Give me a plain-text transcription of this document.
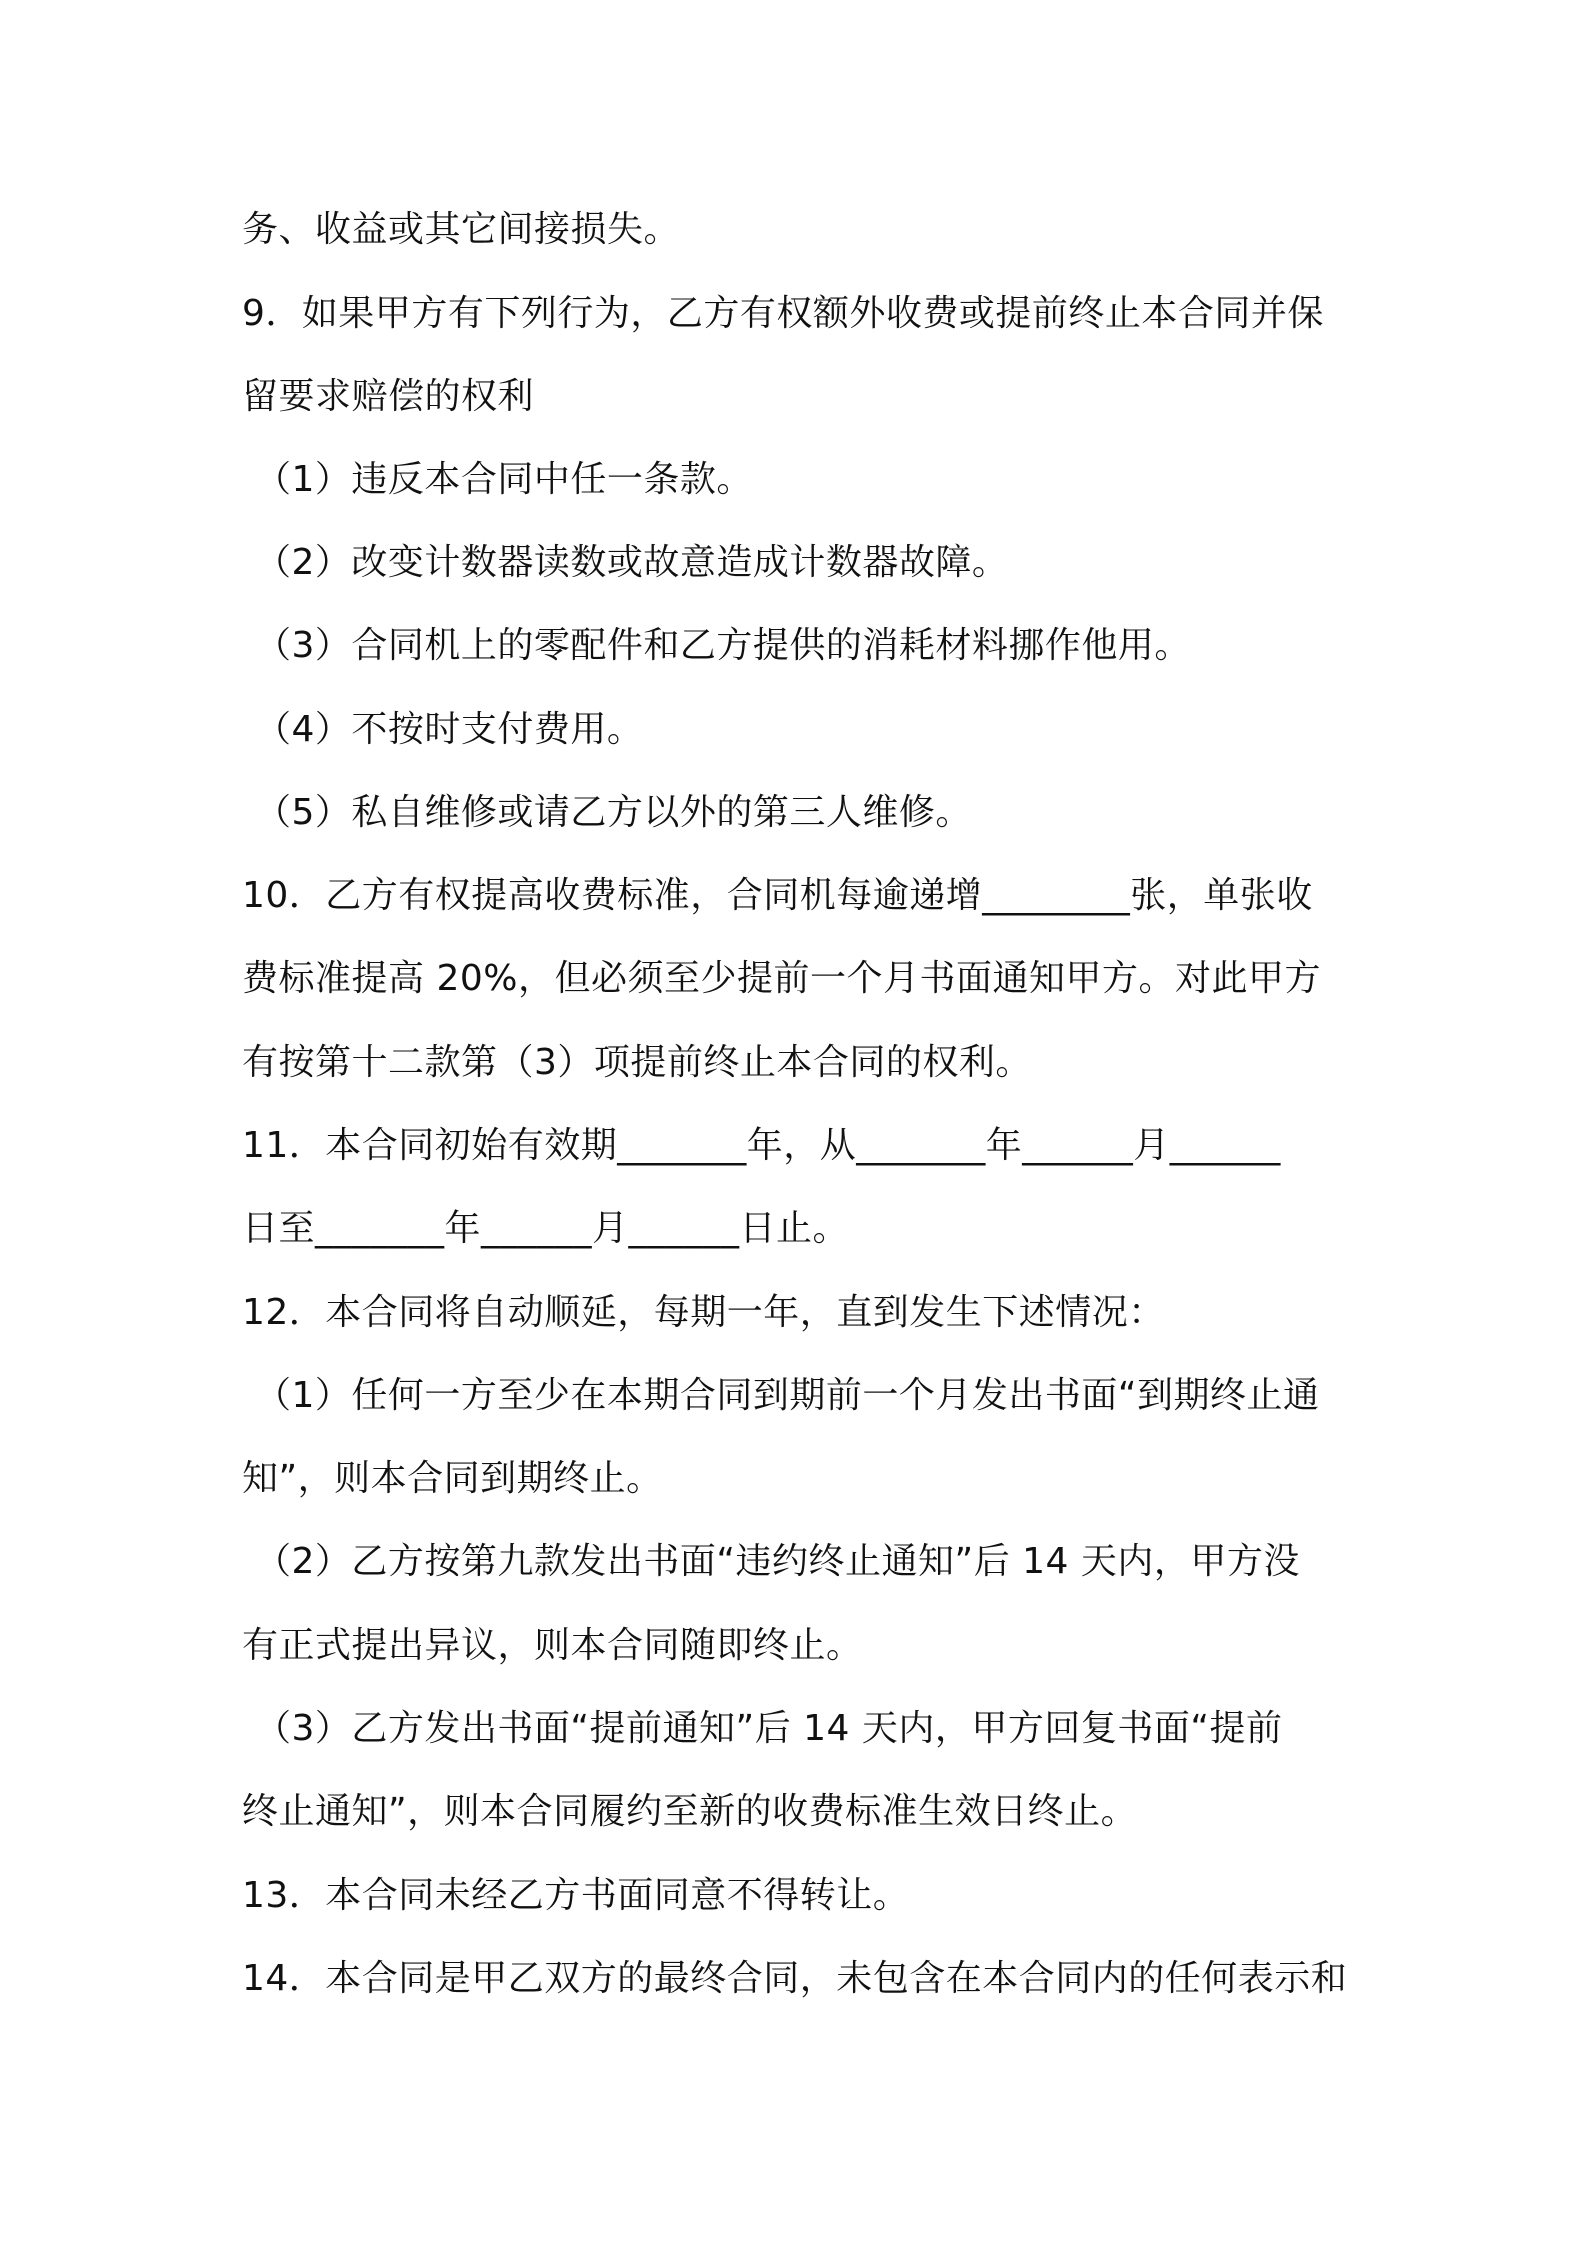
务、收益或其它间接损失。
9．如果甲方有下列行为，乙方有权额外收费或提前终止本合同并保
留要求赔偿的权利
（1）违反本合同中任一条款。
（2）改变计数器读数或故意造成计数器故障。
（3）合同机上的零配件和乙方提供的消耗材料挪作他用。
（4）不按时支付费用。
（5）私自维修或请乙方以外的第三人维修。
10．乙方有权提高收费标准，合同机每逾递增________张，单张收
费标准提高 20%，但必须至少提前一个月书面通知甲方。对此甲方
有按第十二款第（3）项提前终止本合同的权利。
11．本合同初始有效期_______年，从_______年______月______
日至_______年______月______日止。
12．本合同将自动顺延，每期一年，直到发生下述情况：
（1）任何一方至少在本期合同到期前一个月发出书面“到期终止通
知”，则本合同到期终止。
（2）乙方按第九款发出书面“违约终止通知”后 14 天内，甲方没
有正式提出异议，则本合同随即终止。
（3）乙方发出书面“提前通知”后 14 天内，甲方回复书面“提前
终止通知”，则本合同履约至新的收费标准生效日终止。
13．本合同未经乙方书面同意不得转让。
14．本合同是甲乙双方的最终合同，未包含在本合同内的任何表示和
